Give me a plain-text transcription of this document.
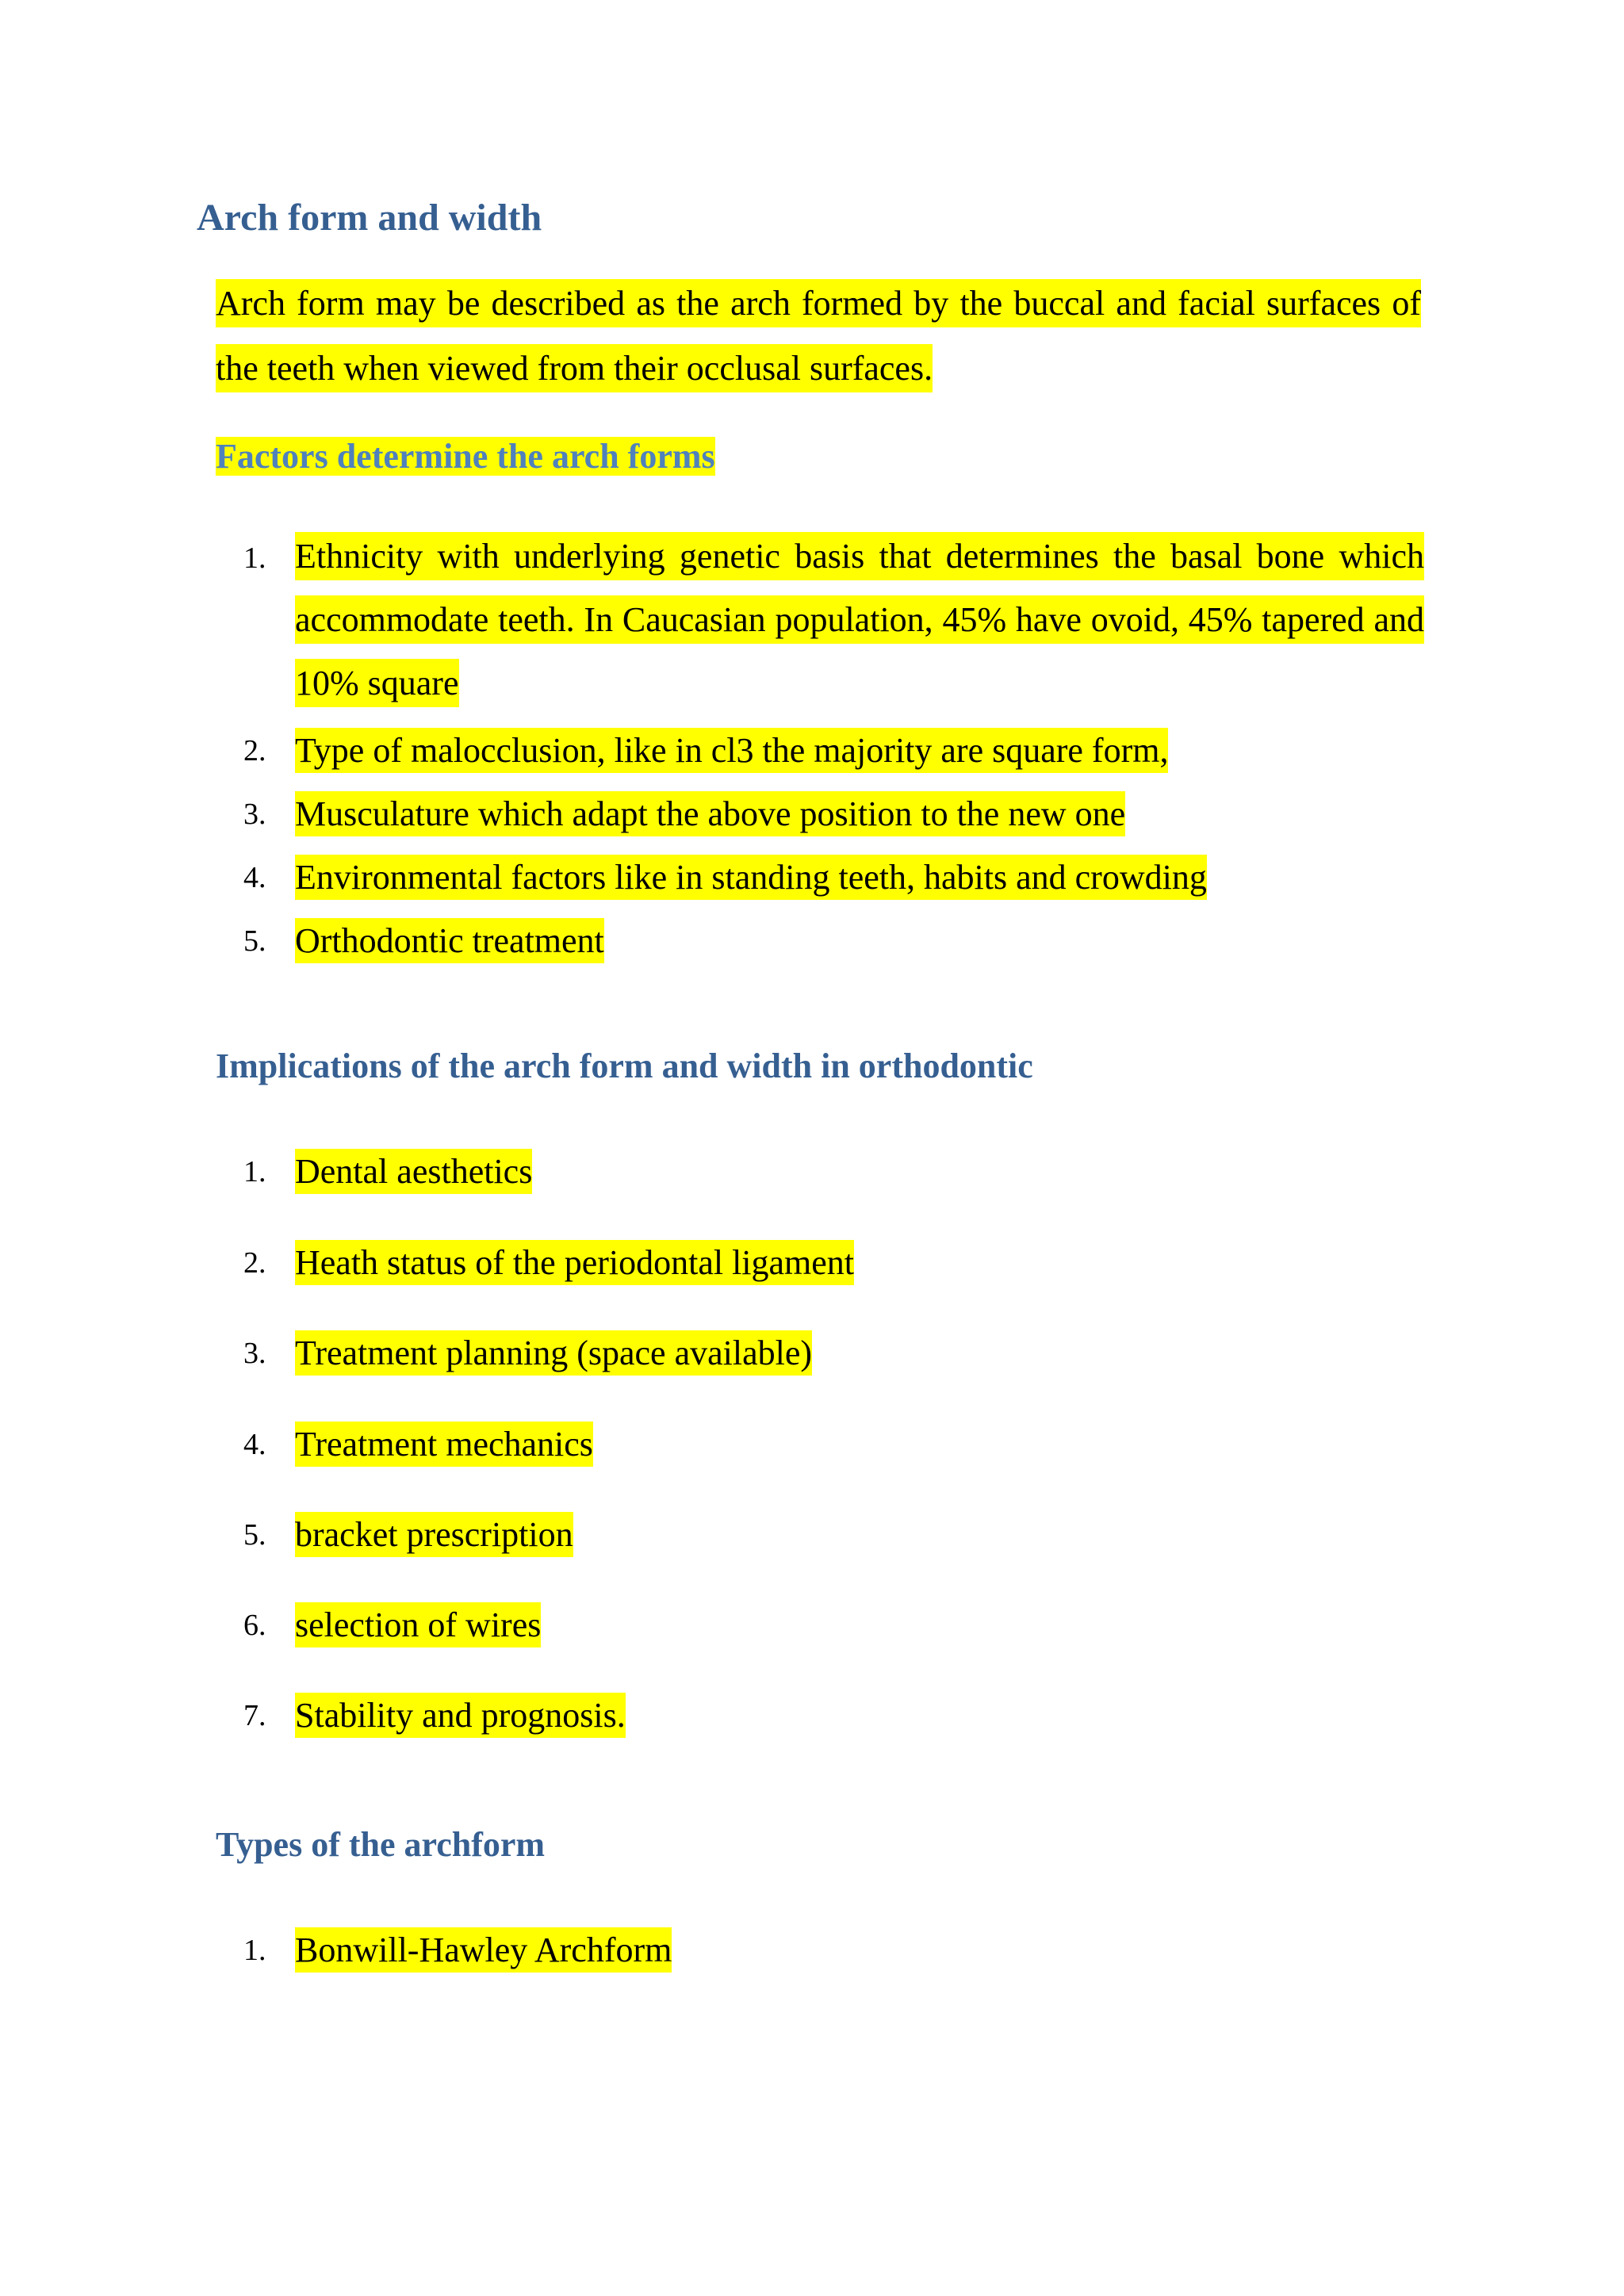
Arch form and width

Arch form may be described as the arch formed by the buccal and facial surfaces of the teeth when viewed from their occlusal surfaces.

Factors determine the arch forms
1. Ethnicity with underlying genetic basis that determines the basal bone which accommodate teeth. In Caucasian population, 45% have ovoid, 45% tapered and 10% square

2. Type of malocclusion, like in cl3 the majority are square form,
3. Musculature which adapt the above position to the new one
4. Environmental factors like in standing teeth, habits and crowding
5. Orthodontic treatment
Implications of the arch form and width in orthodontic
1. Dental aesthetics
2. Heath status of the periodontal ligament
3. Treatment planning (space available)
4. Treatment mechanics
5. bracket prescription
6. selection of wires
7. Stability and prognosis.
Types of the archform
1. Bonwill-Hawley Archform
